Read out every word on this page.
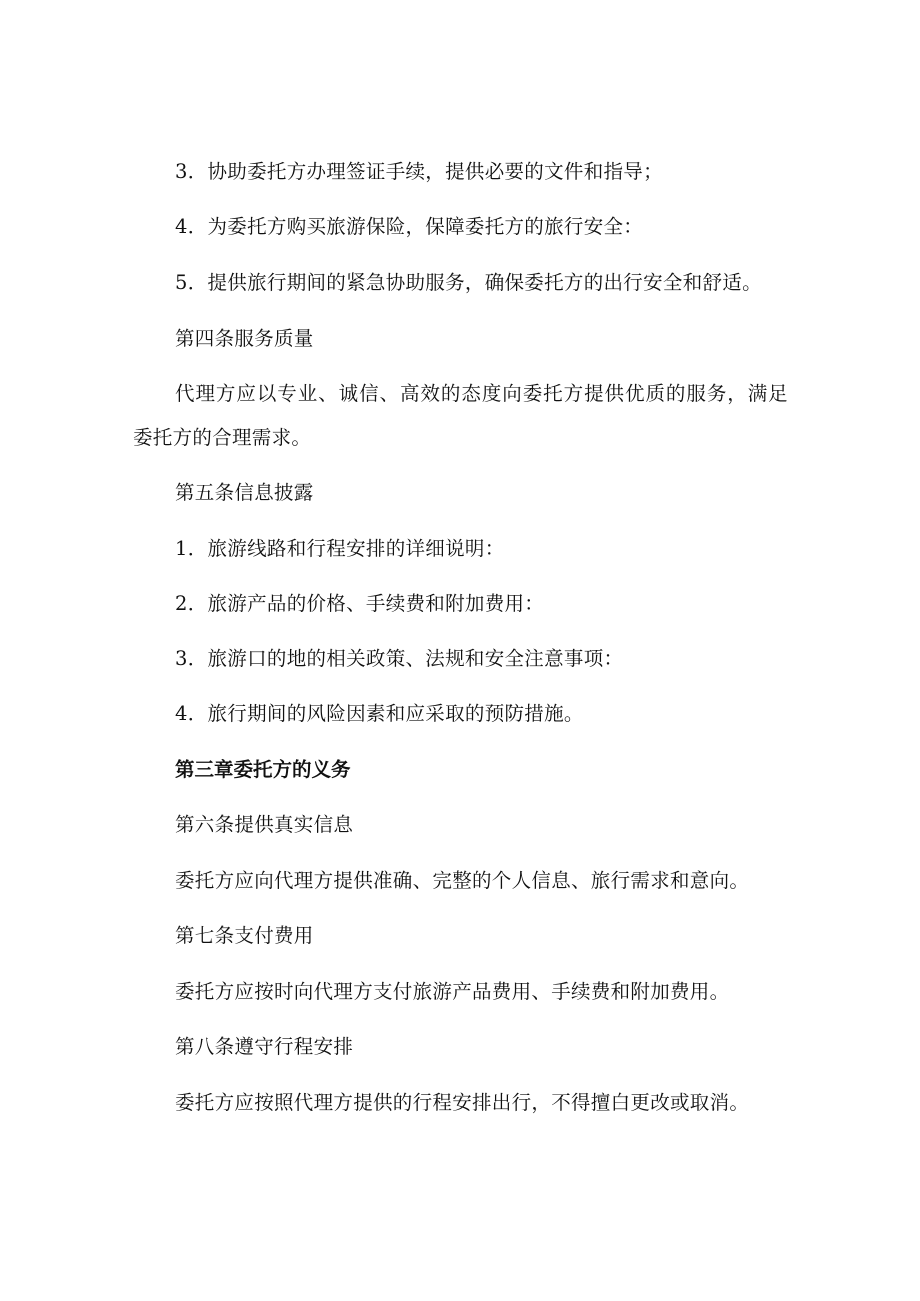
3．协助委托方办理签证手续，提供必要的文件和指导；
4．为委托方购买旅游保险，保障委托方的旅行安全：
5．提供旅行期间的紧急协助服务，确保委托方的出行安全和舒适。
第四条服务质量
代理方应以专业、诚信、高效的态度向委托方提供优质的服务，满足委托方的合理需求。
第五条信息披露
1．旅游线路和行程安排的详细说明：
2．旅游产品的价格、手续费和附加费用：
3．旅游口的地的相关政策、法规和安全注意事项：
4．旅行期间的风险因素和应采取的预防措施。
第三章委托方的义务
第六条提供真实信息
委托方应向代理方提供准确、完整的个人信息、旅行需求和意向。
第七条支付费用
委托方应按时向代理方支付旅游产品费用、手续费和附加费用。
第八条遵守行程安排
委托方应按照代理方提供的行程安排出行，不得擅白更改或取消。
